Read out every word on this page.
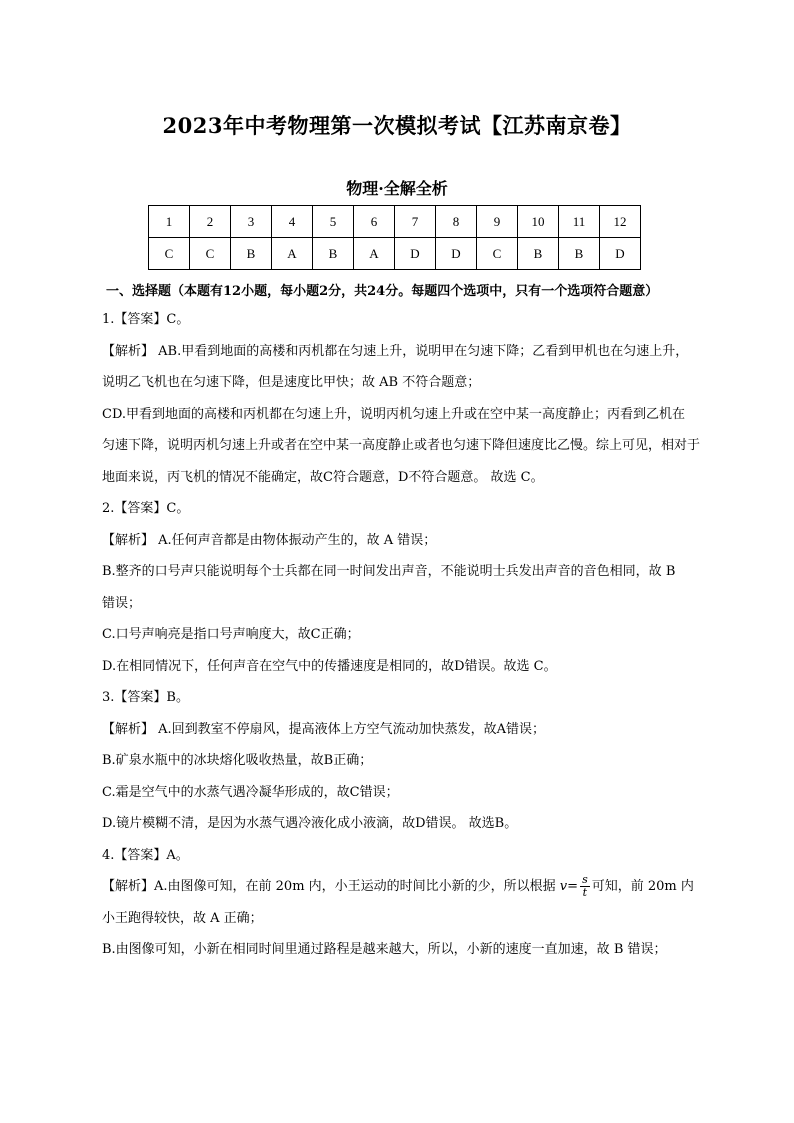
2023年中考物理第一次模拟考试【江苏南京卷】
物理·全解全析
1	2	3	4	5	6	7	8	9	10	11	12
C	C	B	A	B	A	D	D	C	B	B	D
一、选择题（本题有12小题，每小题2分，共24分。每题四个选项中，只有一个选项符合题意）

1.【答案】C。

【解析】 AB.甲看到地面的高楼和丙机都在匀速上升，说明甲在匀速下降；乙看到甲机也在匀速上升，

说明乙飞机也在匀速下降，但是速度比甲快；故 AB 不符合题意；

CD.甲看到地面的高楼和丙机都在匀速上升，说明丙机匀速上升或在空中某一高度静止；丙看到乙机在

匀速下降，说明丙机匀速上升或者在空中某一高度静止或者也匀速下降但速度比乙慢。综上可见，相对于

地面来说，丙飞机的情况不能确定，故C符合题意，D不符合题意。 故选 C。

2.【答案】C。

【解析】 A.任何声音都是由物体振动产生的，故 A 错误；

B.整齐的口号声只能说明每个士兵都在同一时间发出声音，不能说明士兵发出声音的音色相同，故 B

错误；

C.口号声响亮是指口号声响度大，故C正确；

D.在相同情况下，任何声音在空气中的传播速度是相同的，故D错误。故选 C。

3.【答案】B。

【解析】 A.回到教室不停扇风，提高液体上方空气流动加快蒸发，故A错误；

B.矿泉水瓶中的冰块熔化吸收热量，故B正确；

C.霜是空气中的水蒸气遇冷凝华形成的，故C错误；

D.镜片模糊不清，是因为水蒸气遇冷液化成小液滴，故D错误。 故选B。

4.【答案】A。

【解析】A.由图像可知，在前 20m 内，小王运动的时间比小新的少，所以根据 $v= \frac{s}{t}$ 可知，前 20m 内

小王跑得较快，故 A 正确；

B.由图像可知，小新在相同时间里通过路程是越来越大，所以，小新的速度一直加速，故 B 错误；
